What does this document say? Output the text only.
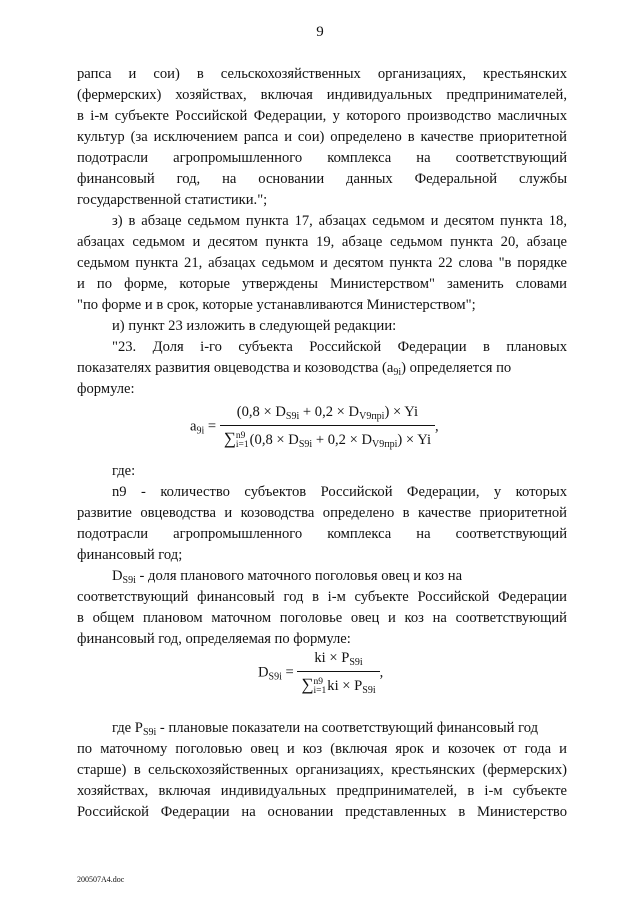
9
рапса и сои) в сельскохозяйственных организациях, крестьянских
(фермерских) хозяйствах, включая индивидуальных предпринимателей,
в i-м субъекте Российской Федерации, у которого производство масличных
культур (за исключением рапса и сои) определено в качестве приоритетной
подотрасли агропромышленного комплекса на соответствующий
финансовый год, на основании данных Федеральной службы
государственной статистики.";
з) в абзаце седьмом пункта 17, абзацах седьмом и десятом пункта 18,
абзацах седьмом и десятом пункта 19, абзаце седьмом пункта 20, абзаце
седьмом пункта 21, абзацах седьмом и десятом пункта 22 слова "в порядке
и по форме, которые утверждены Министерством" заменить словами
"по форме и в срок, которые устанавливаются Министерством";
и) пункт 23 изложить в следующей редакции:
"23. Доля i-го субъекта Российской Федерации в плановых
показателях развития овцеводства и козоводства $(a_{9i})$ определяется по
формуле:
$a_{9i} = (0,8 \times D_{S9i} + 0,2 \times D_{V9прi}) \times Yi$
∑ n9
i=1 $(0,8 \times D_{S9i} + 0,2 \times D_{V9прi}) \times Yi$ ,
где:
n9 - количество субъектов Российской Федерации, у которых
развитие овцеводства и козоводства определено в качестве приоритетной
подотрасли агропромышленного комплекса на соответствующий
финансовый год;
$D_{S9i}$ - доля планового маточного поголовья овец и коз на
соответствующий финансовый год в i-м субъекте Российской Федерации
в общем плановом маточном поголовье овец и коз на соответствующий
финансовый год, определяемая по формуле:
$D_{S9i}$ = ki × $P_{S9i}$
∑ n9
i=1 ki × $P_{S9i}$ ,
где $P_{S9i}$ - плановые показатели на соответствующий финансовый год
по маточному поголовью овец и коз (включая ярок и козочек от года и
старше) в сельскохозяйственных организациях, крестьянских (фермерских)
хозяйствах, включая индивидуальных предпринимателей, в i-м субъекте
Российской Федерации на основании представленных в Министерство
200507A4.doc
